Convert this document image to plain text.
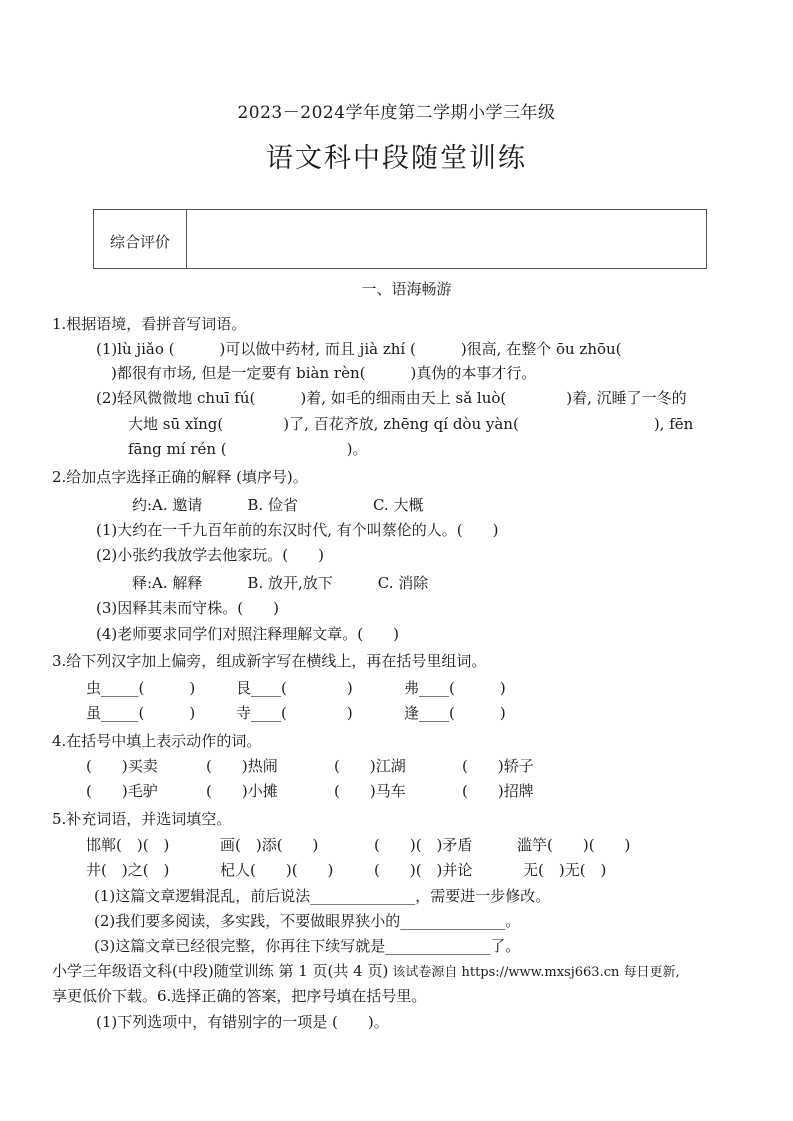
2023－2024学年度第二学期小学三年级
语文科中段随堂训练
综合评价
一、语海畅游
1.根据语境，看拼音写词语。
(1)lù jiǎo (　　　)可以做中药材, 而且 jià zhí (　　　)很高, 在整个 ōu zhōu(
　)都很有市场, 但是一定要有 biàn rèn(　　　)真伪的本事才行。
(2)轻风微微地 chuī fú(　　　)着, 如毛的细雨由天上 sǎ luò(　　　　)着, 沉睡了一冬的
大地 sū xǐng(　　　　)了, 百花齐放, zhēng qí dòu yàn(　　　　　　　　　), fēn
fāng mí rén (　　　　　　　　)。
2.给加点字选择正确的解释 (填序号)。
约:A. 邀请　　　B. 俭省　　　　　C. 大概
(1)大约在一千九百年前的东汉时代, 有个叫蔡伦的人。(　　)
(2)小张约我放学去他家玩。(　　)
释:A. 解释　　　B. 放开,放下　　　C. 消除
(3)因释其耒而守株。(　　)
(4)老师要求同学们对照注释理解文章。(　　)
3.给下列汉字加上偏旁，组成新字写在横线上，再在括号里组词。
虫_____(　　　)	艮____(　　　　)	弗____(　　　)
虽_____(　　　)	寺____(　　　　)	逢____(　　　)
4.在括号中填上表示动作的词。
(　　)买卖	(　　)热闹	(　　)江湖	(　　)轿子
(　　)毛驴	(　　)小摊	(　　)马车	(　　)招牌
5.补充词语，并选词填空。
邯郸(　)(　)	画(　)添(　　)	(　　)(　)矛盾	滥竽(　　)(　　)
井(　)之(　)	杞人(　　)(　　)	(　　)(　)并论	无(　)无(　)
(1)这篇文章逻辑混乱，前后说法______________，需要进一步修改。
(2)我们要多阅读，多实践，不要做眼界狭小的______________。
(3)这篇文章已经很完整，你再往下续写就是______________了。
小学三年级语文科(中段)随堂训练 第 1 页(共 4 页) 该试卷源自 https://www.mxsj663.cn 每日更新,
享更低价下载。6.选择正确的答案，把序号填在括号里。
(1)下列选项中，有错别字的一项是 (　　)。
